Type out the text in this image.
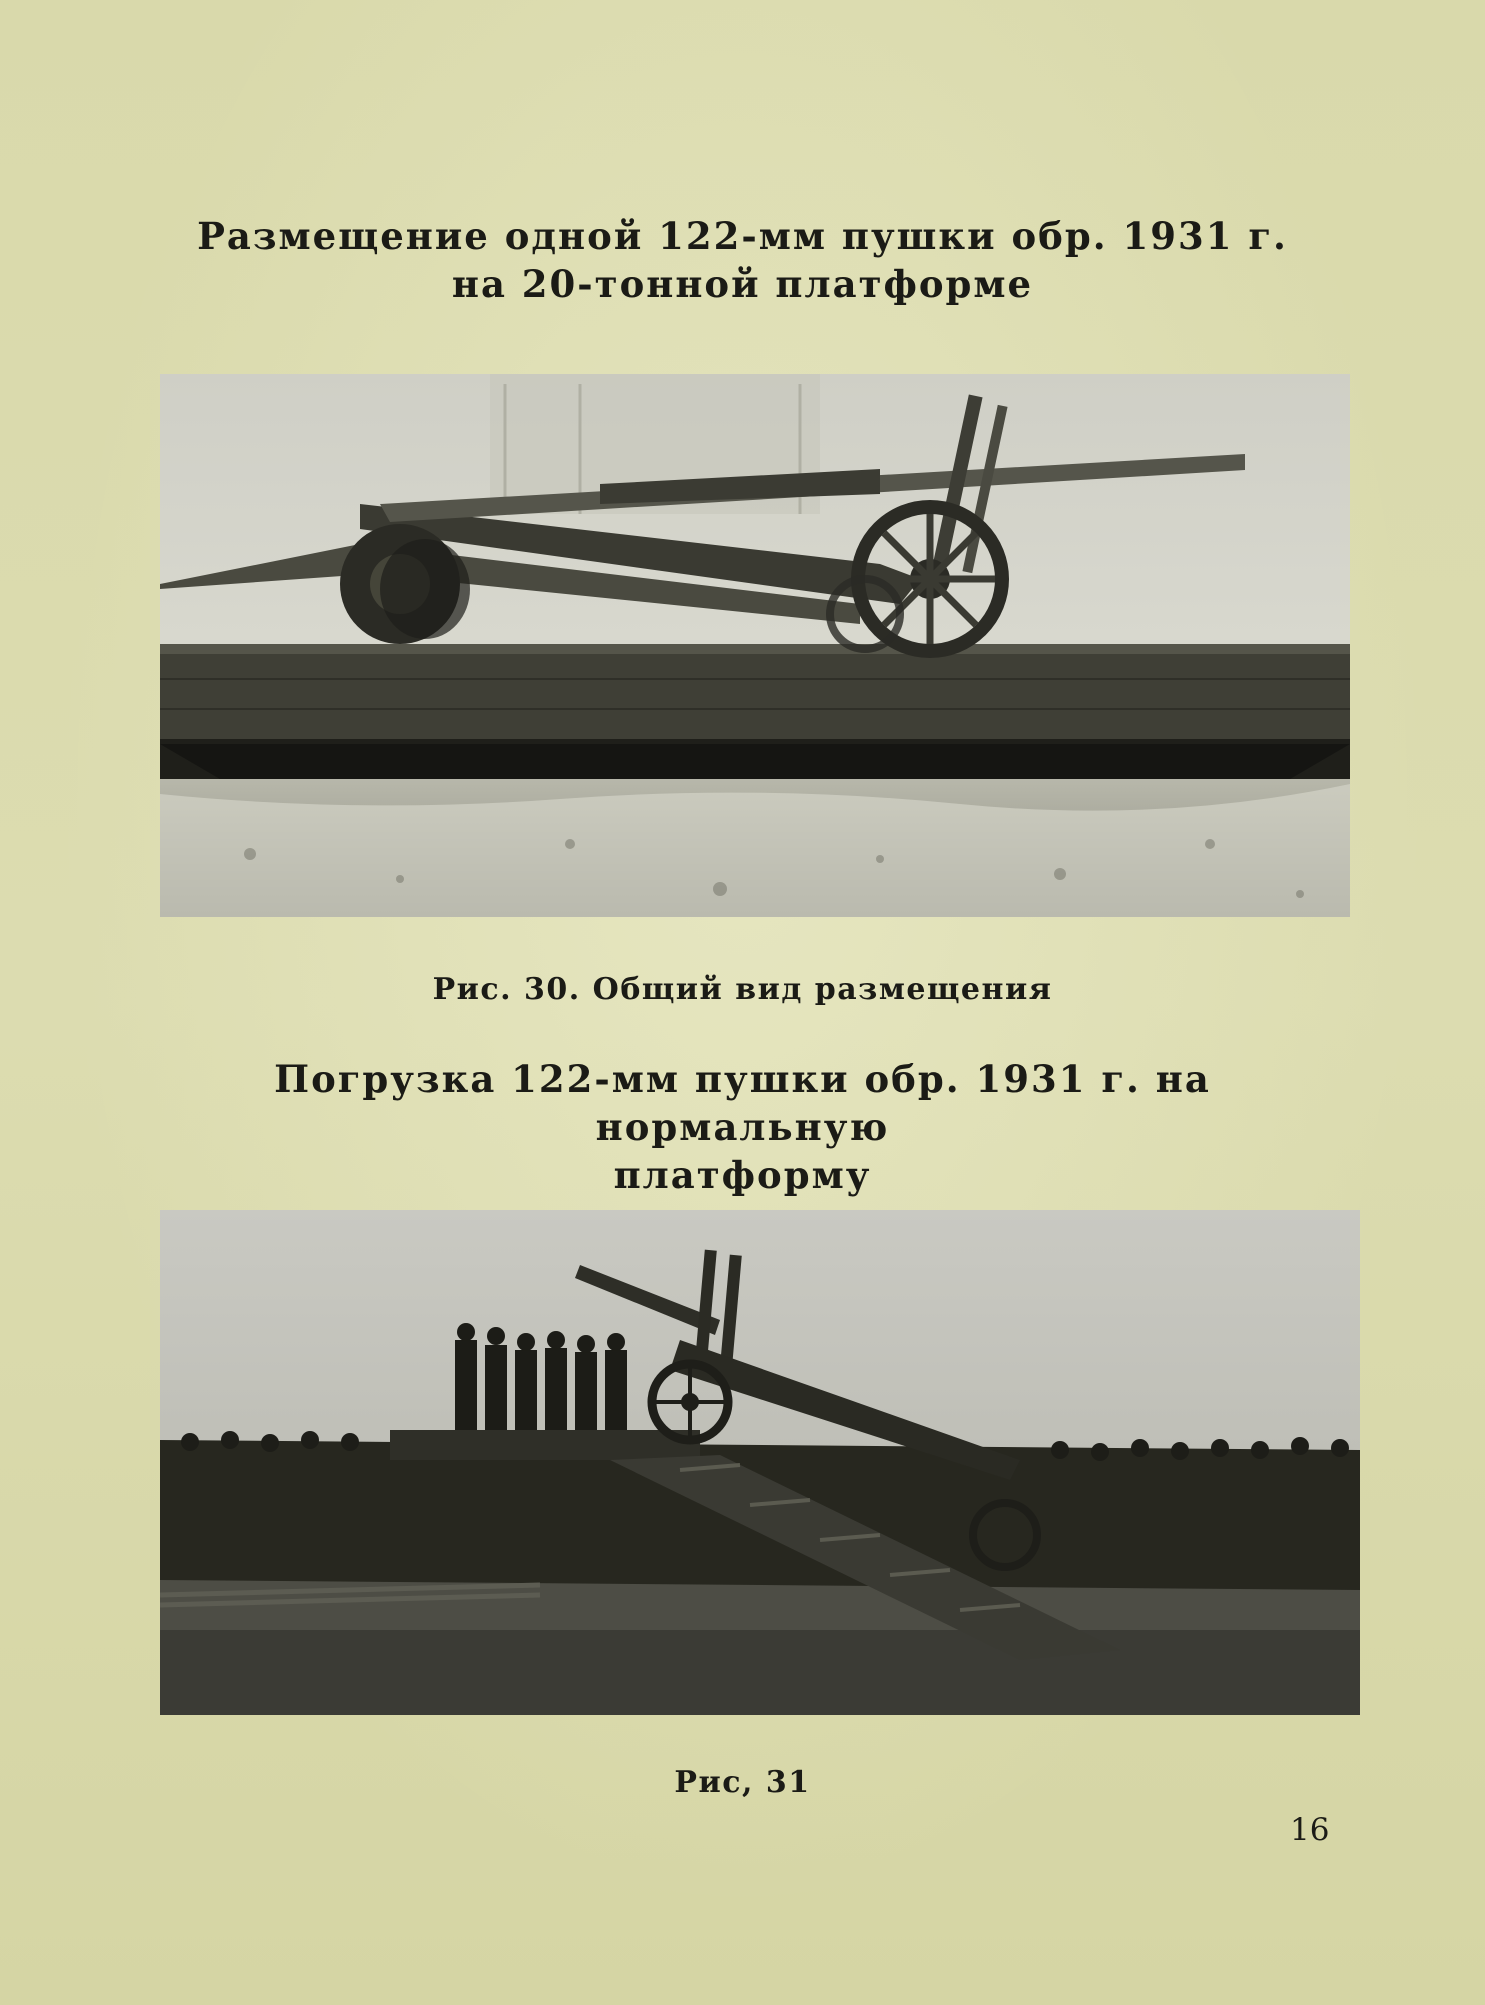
Размещение одной 122-мм пушки обр. 1931 г.
на 20-тонной платформе
Рис. 30. Общий вид размещения
Погрузка 122-мм пушки обр. 1931 г. на нормальную
платформу
Рис, 31
16
